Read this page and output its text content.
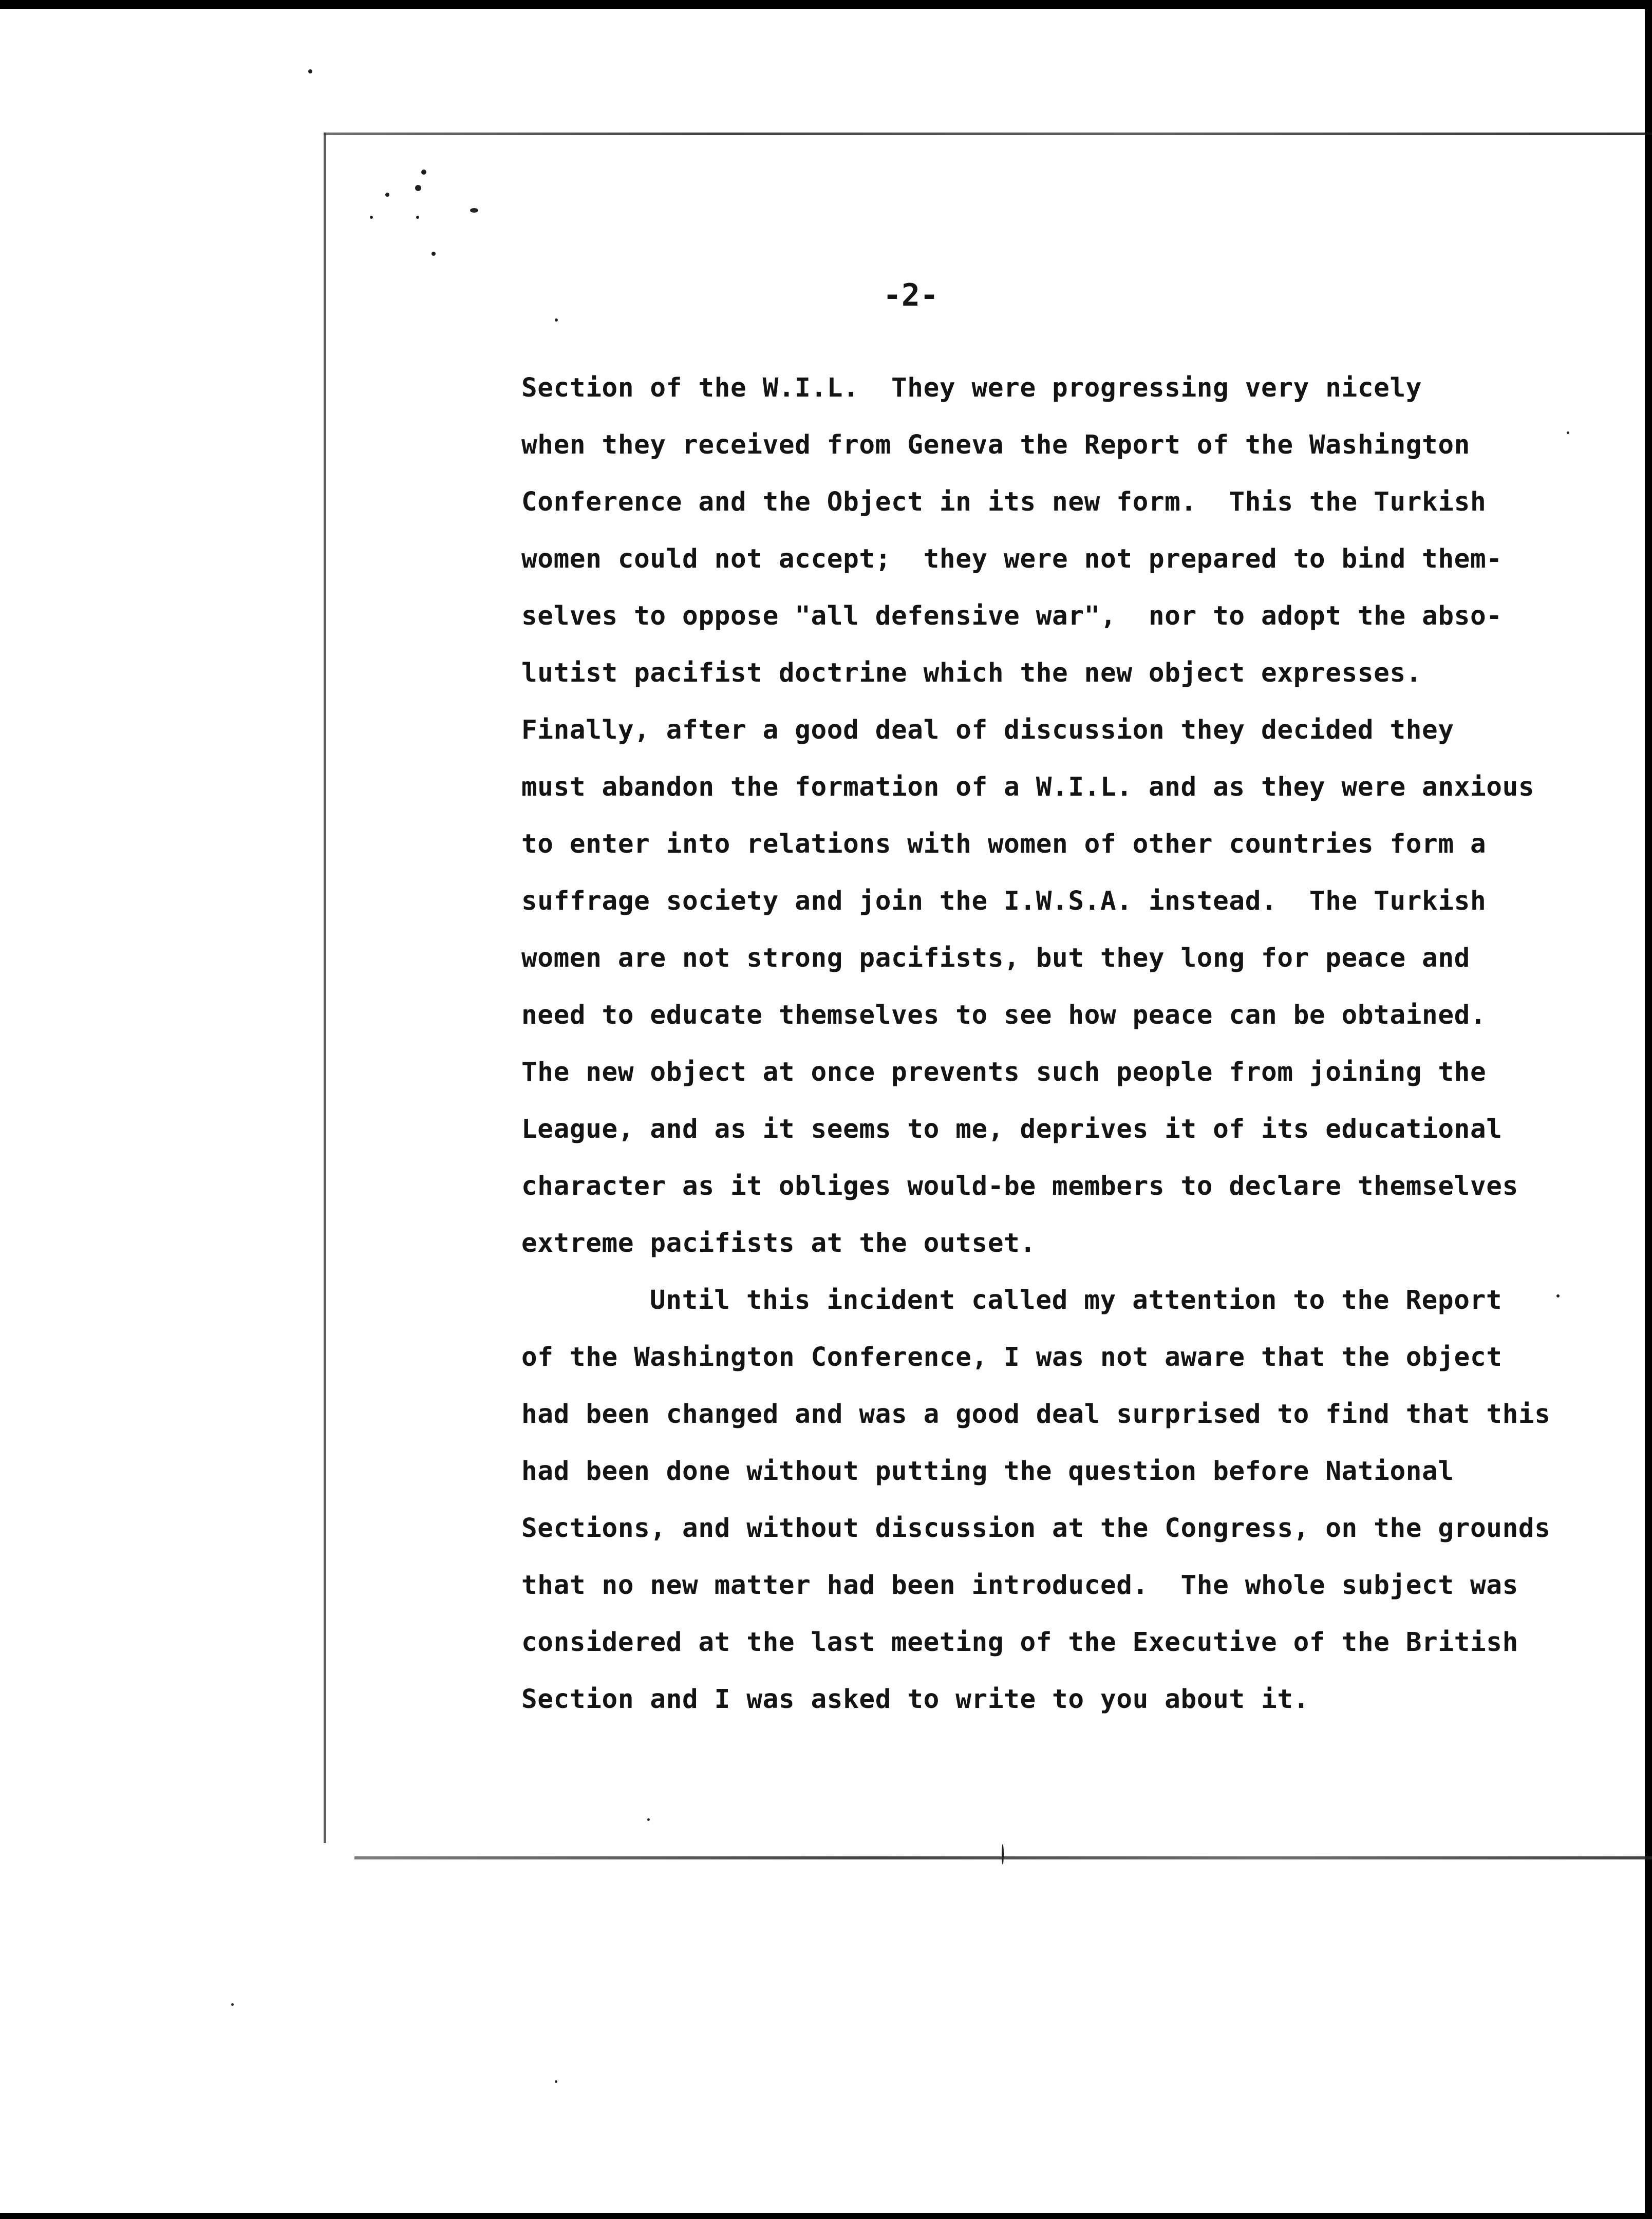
-2-
Section of the W.I.L.  They were progressing very nicely
when they received from Geneva the Report of the Washington
Conference and the Object in its new form.  This the Turkish
women could not accept;  they were not prepared to bind them-
selves to oppose "all defensive war",  nor to adopt the abso-
lutist pacifist doctrine which the new object expresses.
Finally, after a good deal of discussion they decided they
must abandon the formation of a W.I.L. and as they were anxious
to enter into relations with women of other countries form a
suffrage society and join the I.W.S.A. instead.  The Turkish
women are not strong pacifists, but they long for peace and
need to educate themselves to see how peace can be obtained.
The new object at once prevents such people from joining the
League, and as it seems to me, deprives it of its educational
character as it obliges would-be members to declare themselves
extreme pacifists at the outset.
Until this incident called my attention to the Report
of the Washington Conference, I was not aware that the object
had been changed and was a good deal surprised to find that this
had been done without putting the question before National
Sections, and without discussion at the Congress, on the grounds
that no new matter had been introduced.  The whole subject was
considered at the last meeting of the Executive of the British
Section and I was asked to write to you about it.
